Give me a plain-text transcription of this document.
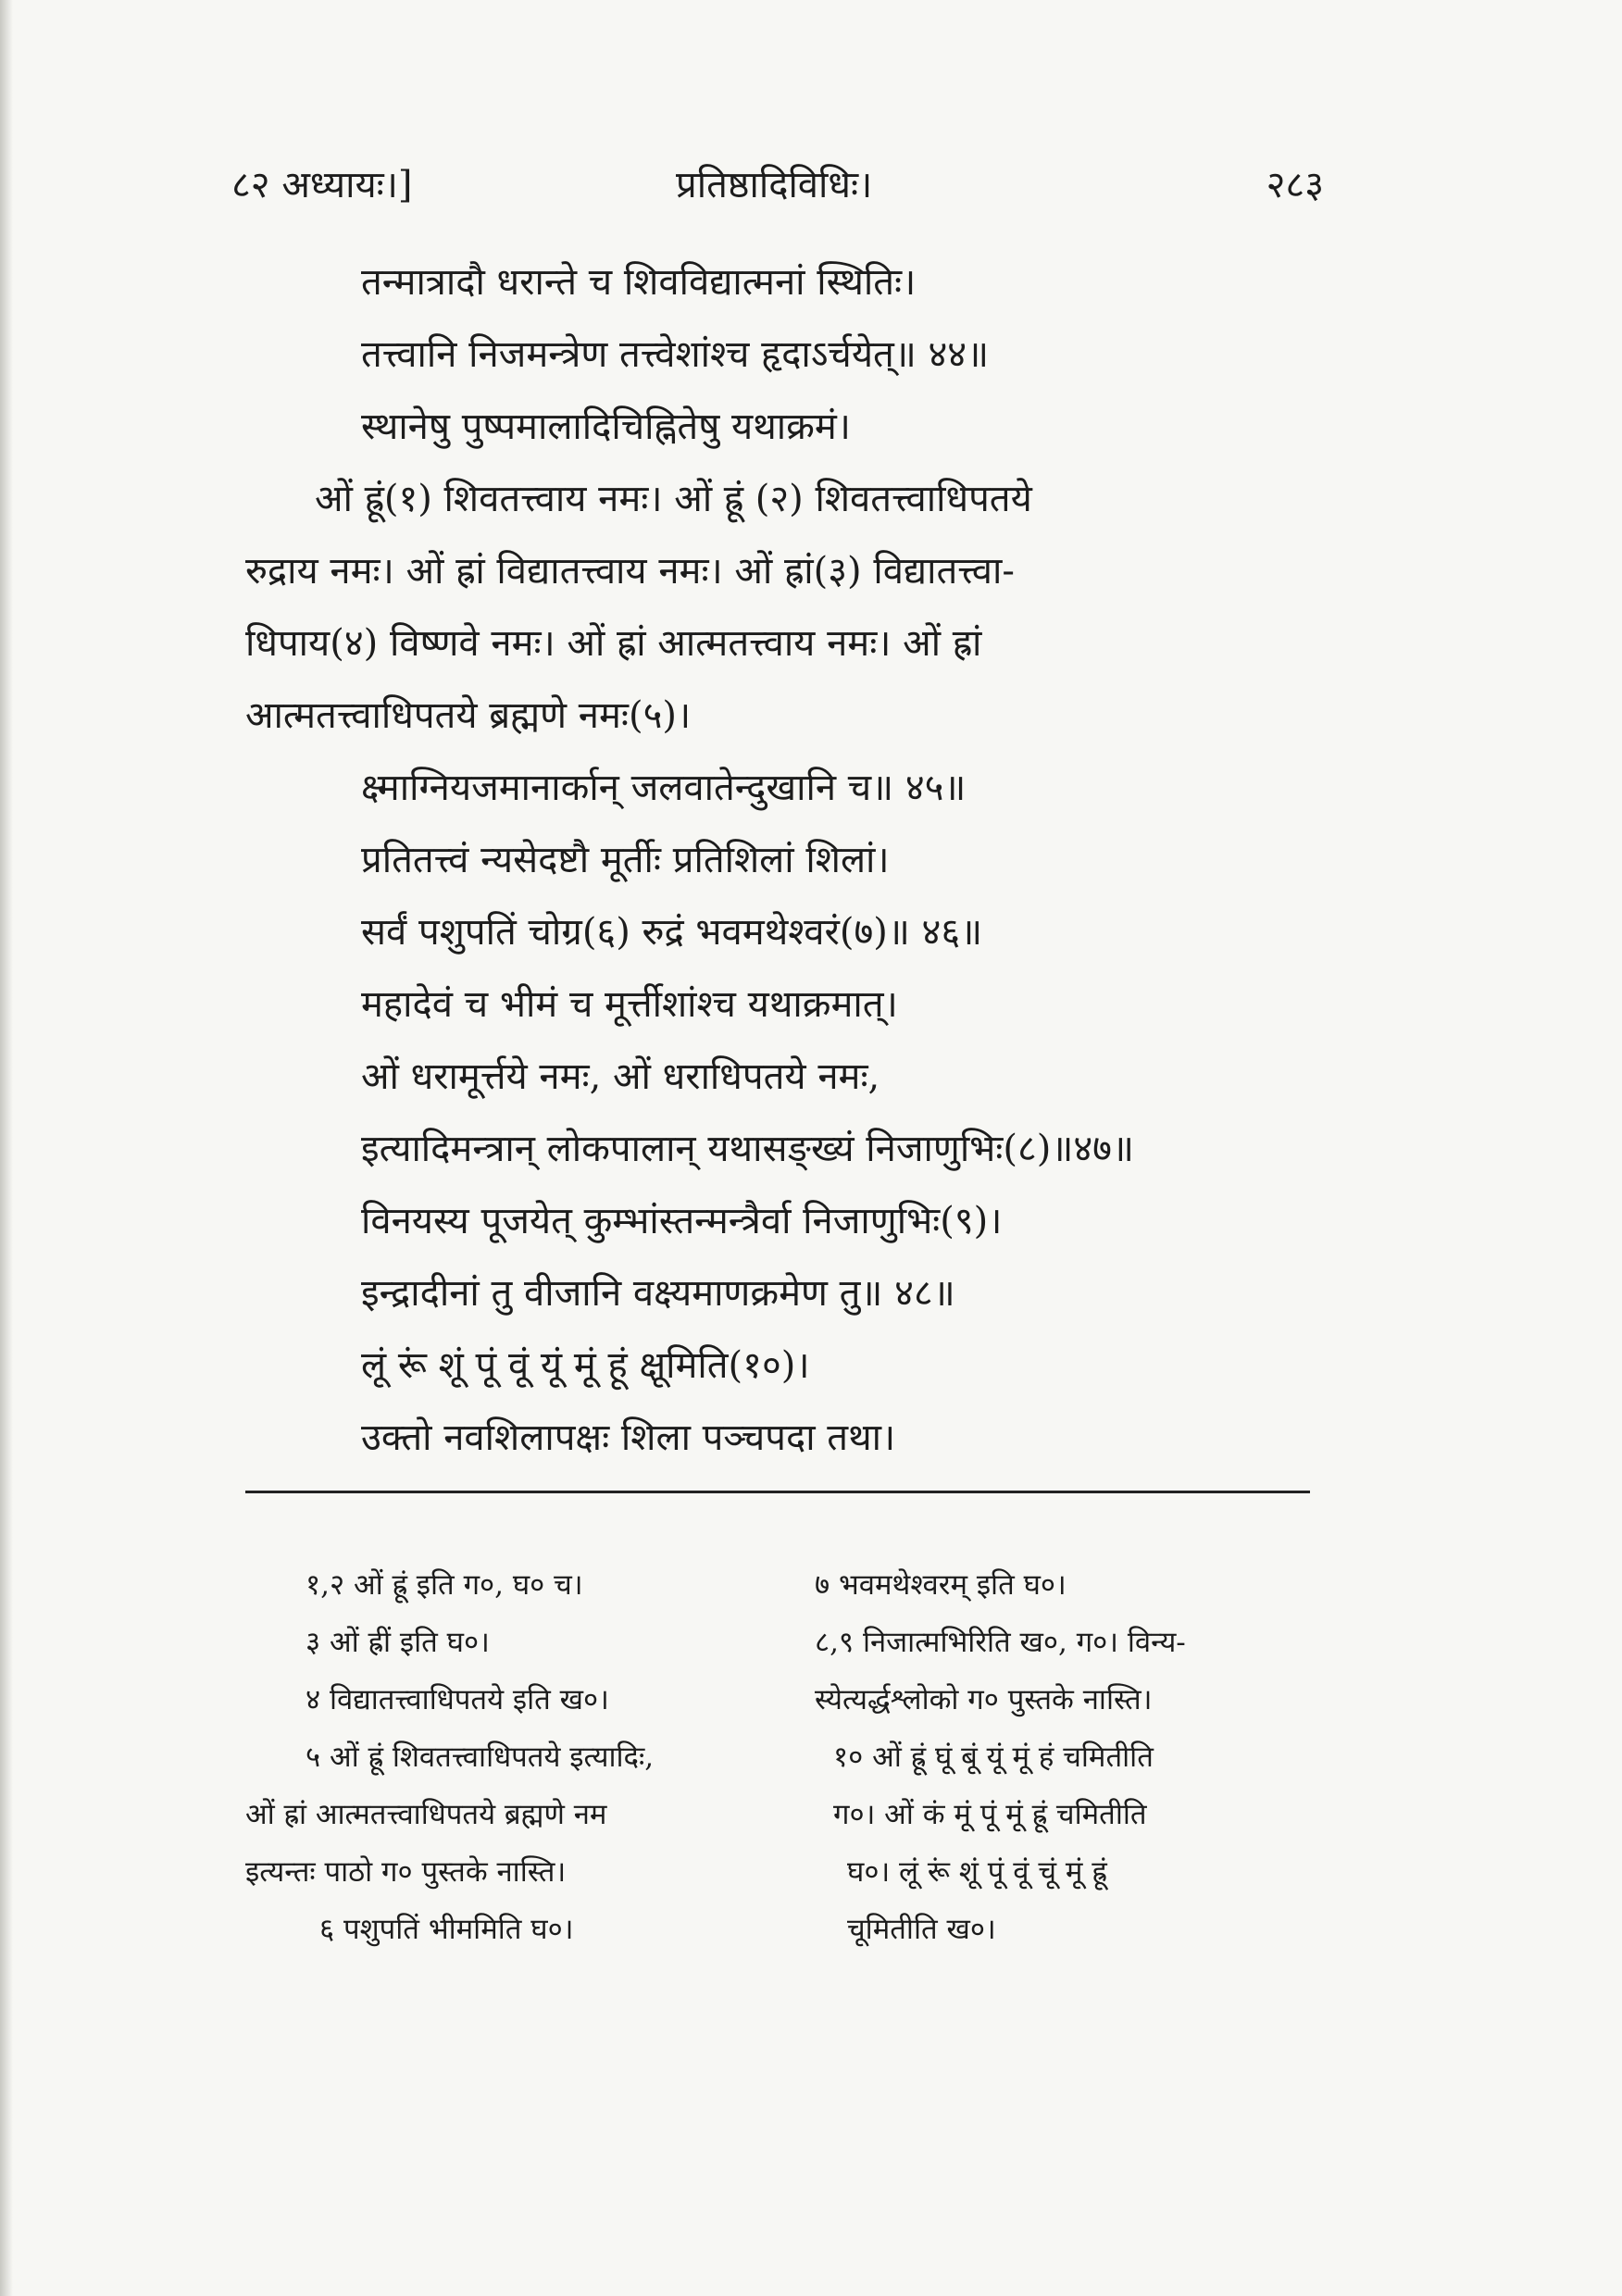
८२ अध्यायः।]	प्रतिष्ठादिविधिः।	२८३
तन्मात्रादौ धरान्ते च शिवविद्यात्मनां स्थितिः।
तत्त्वानि निजमन्त्रेण तत्त्वेशांश्च हृदाऽर्चयेत्॥ ४४॥
स्थानेषु पुष्पमालादिचिह्नितेषु यथाक्रमं।
ओं ह्रूं(१) शिवतत्त्वाय नमः। ओं ह्रूं (२) शिवतत्त्वाधिपतये
रुद्राय नमः। ओं ह्रां विद्यातत्त्वाय नमः। ओं ह्रां(३) विद्यातत्त्वा-
धिपाय(४) विष्णवे नमः। ओं ह्रां आत्मतत्त्वाय नमः। ओं ह्रां
आत्मतत्त्वाधिपतये ब्रह्मणे नमः(५)।
क्ष्माग्नियजमानार्कान् जलवातेन्दुखानि च॥ ४५॥
प्रतितत्त्वं न्यसेदष्टौ मूर्तीः प्रतिशिलां शिलां।
सर्वं पशुपतिं चोग्र(६) रुद्रं भवमथेश्वरं(७)॥ ४६॥
महादेवं च भीमं च मूर्त्तीशांश्च यथाक्रमात्।
ओं धरामूर्त्तये नमः, ओं धराधिपतये नमः,
इत्यादिमन्त्रान् लोकपालान् यथासङ्ख्यं निजाणुभिः(८)॥४७॥
विनयस्य पूजयेत् कुम्भांस्तन्मन्त्रैर्वा निजाणुभिः(९)।
इन्द्रादीनां तु वीजानि वक्ष्यमाणक्रमेण तु॥ ४८॥
लूं रूं शूं पूं वूं यूं मूं हूं क्षूमिति(१०)।
उक्तो नवशिलापक्षः शिला पञ्चपदा तथा।
१,२ ओं ह्रूं इति ग०, घ० च।
३ ओं ह्रीं इति घ०।
४ विद्यातत्त्वाधिपतये इति ख०।
५ ओं ह्रूं शिवतत्त्वाधिपतये इत्यादिः,
ओं ह्रां आत्मतत्त्वाधिपतये ब्रह्मणे नम
इत्यन्तः पाठो ग० पुस्तके नास्ति।
६ पशुपतिं भीममिति घ०।
७ भवमथेश्वरम् इति घ०।
८,९ निजात्मभिरिति ख०, ग०। विन्य-
स्येत्यर्द्धश्लोको ग० पुस्तके नास्ति।
१० ओं ह्रूं घूं बूं यूं मूं हं चमितीति
ग०। ओं कं मूं पूं मूं ह्रूं चमितीति
घ०। लूं रूं शूं पूं वूं चूं मूं ह्रूं
चूमितीति ख०।
